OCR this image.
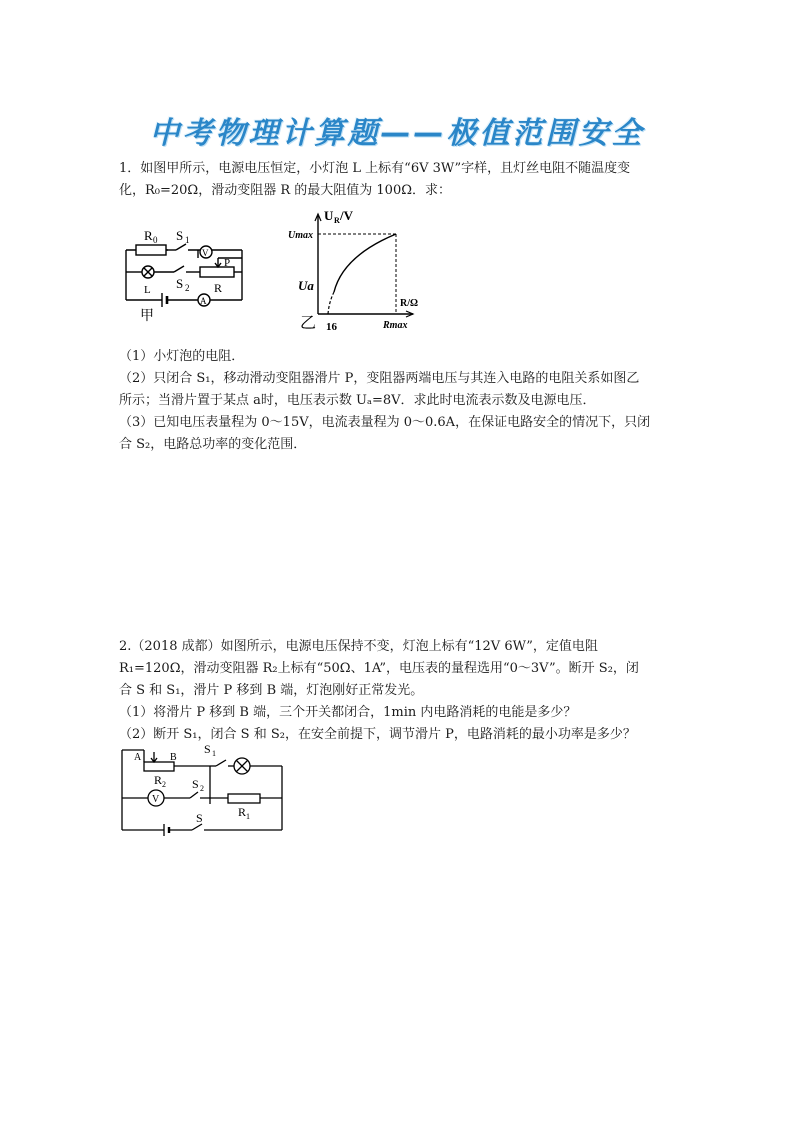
中考物理计算题——极值范围安全
1．如图甲所示，电源电压恒定，小灯泡 L 上标有“6V 3W”字样，且灯丝电阻不随温度变
化，R₀=20Ω，滑动变阻器 R 的最大阻值为 100Ω．求：
R 0 S 1
V
P
L S 2 R
A
甲
U R /V
Umax
Ua
R/Ω
16	Rmax
乙
（1）小灯泡的电阻．
（2）只闭合 S₁，移动滑动变阻器滑片 P，变阻器两端电压与其连入电路的电阻关系如图乙
所示；当滑片置于某点 a时，电压表示数 Uₐ=8V．求此时电流表示数及电源电压．
（3）已知电压表量程为 0～15V，电流表量程为 0～0.6A，在保证电路安全的情况下，只闭
合 S₂，电路总功率的变化范围．
2.（2018 成都）如图所示，电源电压保持不变，灯泡上标有“12V 6W”，定值电阻
R₁=120Ω，滑动变阻器 R₂上标有“50Ω、1A”，电压表的量程选用“0～3V”。断开 S₂，闭
合 S 和 S₁，滑片 P 移到 B 端，灯泡刚好正常发光。
（1）将滑片 P 移到 B 端，三个开关都闭合，1min 内电路消耗的电能是多少？
（2）断开 S₁，闭合 S 和 S₂，在安全前提下，调节滑片 P，电路消耗的最小功率是多少？
A	B
R 2
S 1
V
S 2
R 1
S
